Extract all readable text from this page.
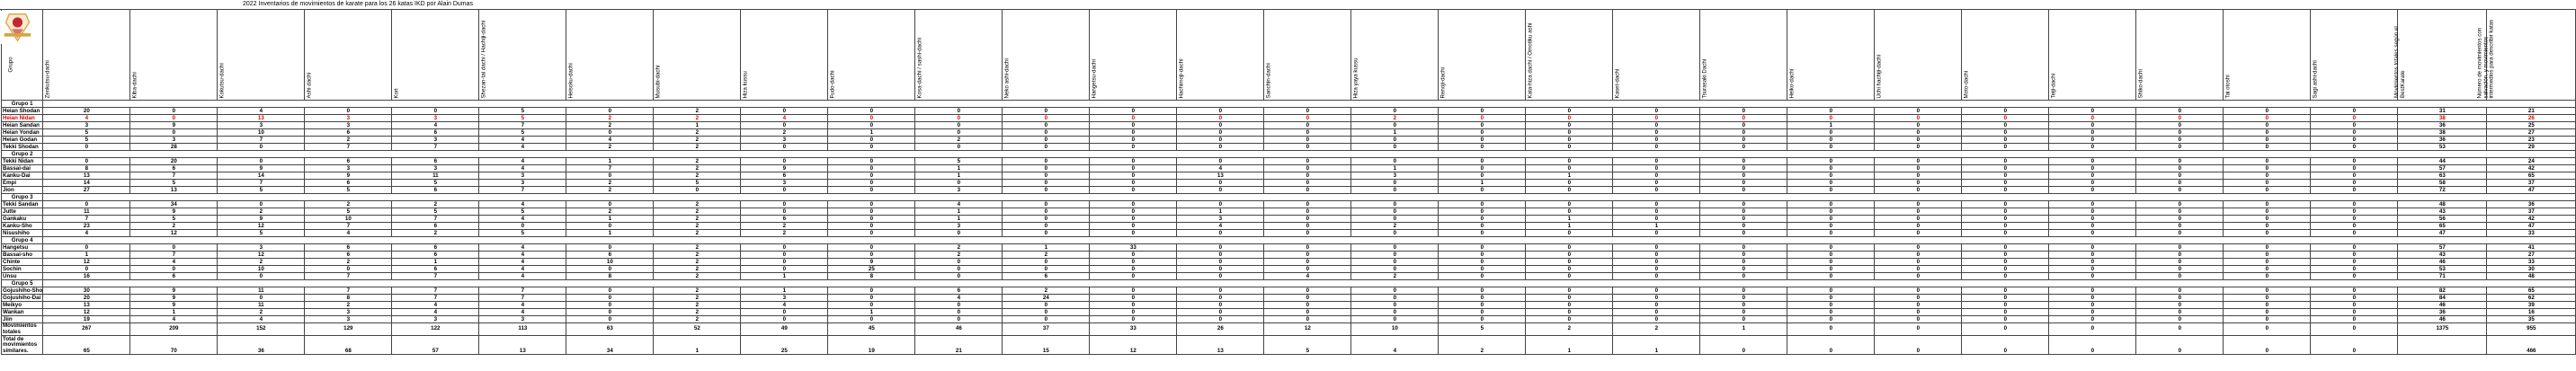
2022 Inventarios de movimientos de karate para los 26 katas IKD por Alain Dumas
Grupo	Zenkutsu-dachi	Kiba-dachi	Kokutsu-dachi	Ashi dachi	Kori	Shezan-tai dachi / Hachiji-dachi	Heisoku-dachi	Musubi-dachi	Hiza kussu	Fudo-dachi	Kosa-dachi / sashi-dachi	Neko ashi-dachi	Hangetsu-dachi	Hachimoji-dachi	Sanchin-dachi	Hiza yaya kussu	Renoji-dachi	Kata-hiza dachi / Omotiku ashi	Kaset-dachi	Tsurasaki Dachi	Heiko-dachi	Uchi hachiji-dachi	Moto-dachi	Teiji-dachi	Shiko-dachi	Tai otoshi	Sagi ashi-dachi	Movimientos totales según el BestKarate	Número de movimientos con salvación, y movimientos intermedios para describir katas

Grupo 1																													
Heian Shodan	20	0	4	0	0	5	0	2	0	0	0	0	0	0	0	0	0	0	0	0	0	0	0	0	0	0	0	31	21
Heian Nidan	4	0	13	3	3	5	2	2	4	0	0	0	0	0	0	2	0	0	0	0	0	0	0	0	0	0	0	38	26
Heian Sandan	3	9	3	3	4	7	2	1	0	0	0	0	0	0	0	0	0	0	0	0	1	0	0	0	0	0	0	36	25
Heian Yondan	5	0	10	6	6	5	0	2	2	1	0	0	0	0	0	1	0	0	0	0	0	0	0	0	0	0	0	38	27
Heian Godan	5	3	7	2	3	4	4	2	3	0	2	0	0	0	0	0	0	0	0	0	0	0	0	0	0	0	0	36	23
Tekki Shodan	0	28	0	7	7	4	2	2	0	0	0	0	0	0	0	0	0	0	0	0	0	0	0	0	0	0	0	53	29
Grupo 2																													
Tekki Nidan	0	20	0	6	6	4	1	2	0	0	5	0	0	0	0	0	0	0	0	0	0	0	0	0	0	0	0	44	24
Bassai-dai	8	6	9	3	3	4	7	2	9	0	1	0	0	4	0	1	0	0	0	0	0	0	0	0	0	0	0	57	42
Kanku-Dai	13	7	14	9	11	3	0	2	6	0	1	0	0	13	0	3	0	1	0	0	0	0	0	0	0	0	0	63	65
Empi	14	5	7	6	5	3	2	5	3	0	0	0	0	0	0	0	1	0	0	0	0	0	0	0	0	0	0	58	37
Jion	27	13	5	5	6	7	2	0	0	0	3	0	0	0	0	0	0	0	0	0	0	0	0	0	0	0	0	72	47
Grupo 3																													
Tekki Sandan	0	34	0	2	2	4	0	2	0	0	4	0	0	0	0	0	0	0	0	0	0	0	0	0	0	0	0	48	36
Jutte	11	9	2	5	5	5	2	2	0	0	1	0	0	1	0	0	0	0	0	0	0	0	0	0	0	0	0	43	37
Gankaku	7	5	9	10	7	4	1	2	6	0	1	0	0	3	0	0	0	1	0	0	0	0	0	0	0	0	0	56	42
Kanku-Sho	23	2	12	7	6	0	0	2	2	0	3	0	0	4	0	2	0	1	1	0	0	0	0	0	0	0	0	65	47
Nisushiho	4	12	5	4	2	5	1	2	2	0	0	0	0	0	0	0	0	0	0	0	0	0	0	0	0	0	0	47	33
Grupo 4																													
Hangetsu	0	0	3	6	6	4	0	2	0	0	2	1	33	0	0	0	0	0	0	0	0	0	0	0	0	0	0	57	41
Bassai-sho	1	7	12	6	6	4	6	2	0	0	2	2	0	0	0	0	0	0	0	0	0	0	0	0	0	0	0	43	27
Chinte	12	4	2	2	1	4	10	2	0	9	0	0	0	0	0	0	0	0	0	0	0	0	0	0	0	0	0	46	33
Sochin	0	0	10	0	6	4	0	2	0	25	0	0	0	0	0	0	0	0	0	0	0	0	0	0	0	0	0	53	30
Unsu	16	6	0	7	7	4	8	2	1	8	0	6	0	0	4	2	0	0	0	0	0	0	0	0	0	0	0	71	48
Grupo 5																													
Gojushiho-Sho	30	9	11	7	7	7	0	2	1	0	6	2	0	0	0	0	0	0	0	0	0	0	0	0	0	0	0	82	65
Gojushiho-Dai	20	9	0	8	7	7	0	2	3	0	4	24	0	0	0	0	0	0	0	0	0	0	0	0	0	0	0	84	62
Meikyo	13	9	11	2	4	4	0	2	4	0	0	0	0	0	0	0	0	0	0	0	0	0	0	0	0	0	0	46	39
Wankan	12	1	2	3	4	4	0	2	0	1	0	0	0	0	0	0	0	0	0	0	0	0	0	0	0	0	0	36	16
Jiin	19	4	4	3	3	3	0	2	0	0	0	0	0	0	0	0	0	0	0	0	0	0	0	0	0	0	0	46	35
Movimientos totales	267	209	152	129	122	113	63	52	49	45	46	37	33	26	12	10	5	2	2	1	0	0	0	0	0	0	0	1375	955
Total de movimientos similares.	65	70	36	68	57	13	34	1	25	19	21	15	12	13	5	4	2	1	1	0	0	0	0	0	0	0	0		466
